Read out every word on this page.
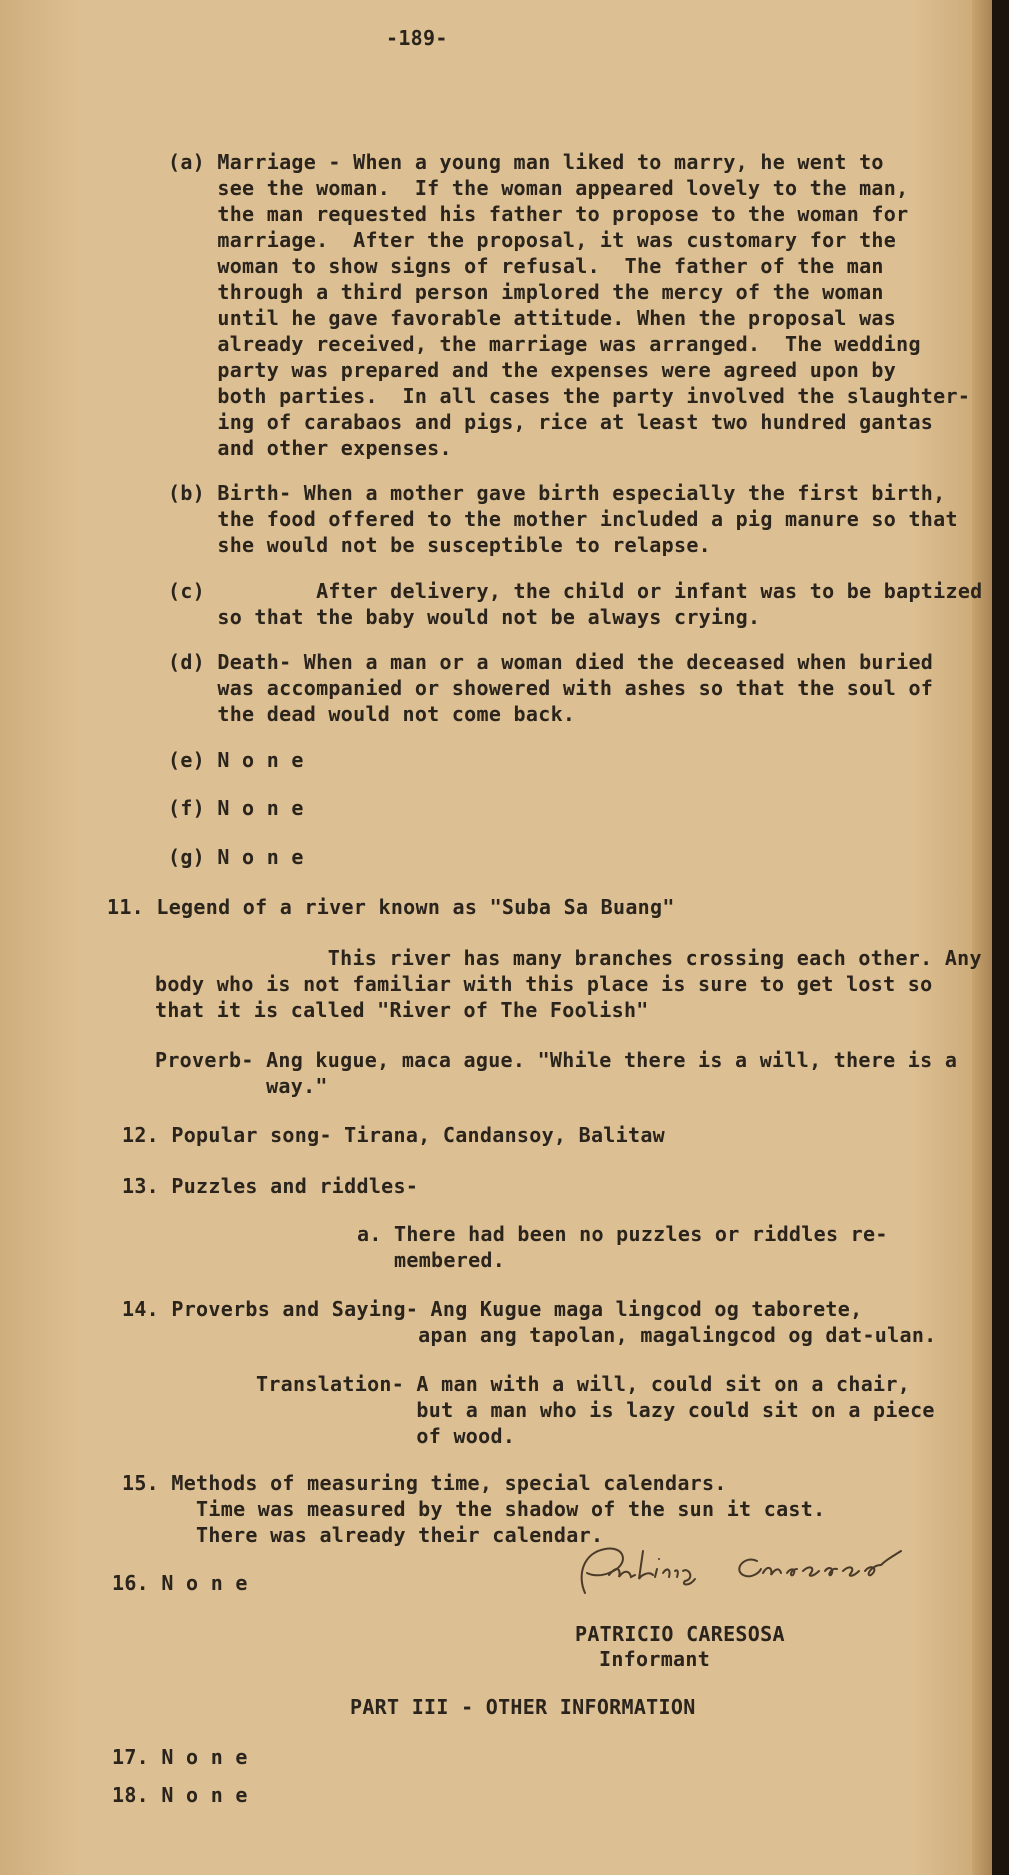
-189-

(a) Marriage - When a young man liked to marry, he went to

see the woman.  If the woman appeared lovely to the man,

the man requested his father to propose to the woman for

marriage.  After the proposal, it was customary for the

woman to show signs of refusal.  The father of the man

through a third person implored the mercy of the woman

until he gave favorable attitude. When the proposal was

already received, the marriage was arranged.  The wedding

party was prepared and the expenses were agreed upon by

both parties.  In all cases the party involved the slaughter-

ing of carabaos and pigs, rice at least two hundred gantas

and other expenses.

(b) Birth- When a mother gave birth especially the first birth,

the food offered to the mother included a pig manure so that

she would not be susceptible to relapse.

(c)         After delivery, the child or infant was to be baptized

so that the baby would not be always crying.

(d) Death- When a man or a woman died the deceased when buried

was accompanied or showered with ashes so that the soul of

the dead would not come back.

(e) N o n e

(f) N o n e

(g) N o n e

11. Legend of a river known as "Suba Sa Buang"

This river has many branches crossing each other. Any

body who is not familiar with this place is sure to get lost so

that it is called "River of The Foolish"

Proverb- Ang kugue, maca ague. "While there is a will, there is a

way."

12. Popular song- Tirana, Candansoy, Balitaw

13. Puzzles and riddles-

a. There had been no puzzles or riddles re-

membered.

14. Proverbs and Saying- Ang Kugue maga lingcod og taborete,

apan ang tapolan, magalingcod og dat-ulan.

Translation- A man with a will, could sit on a chair,

but a man who is lazy could sit on a piece

of wood.

15. Methods of measuring time, special calendars.

Time was measured by the shadow of the sun it cast.

There was already their calendar.

16. N o n e

PATRICIO CARESOSA

Informant

PART III - OTHER INFORMATION

17. N o n e

18. N o n e
